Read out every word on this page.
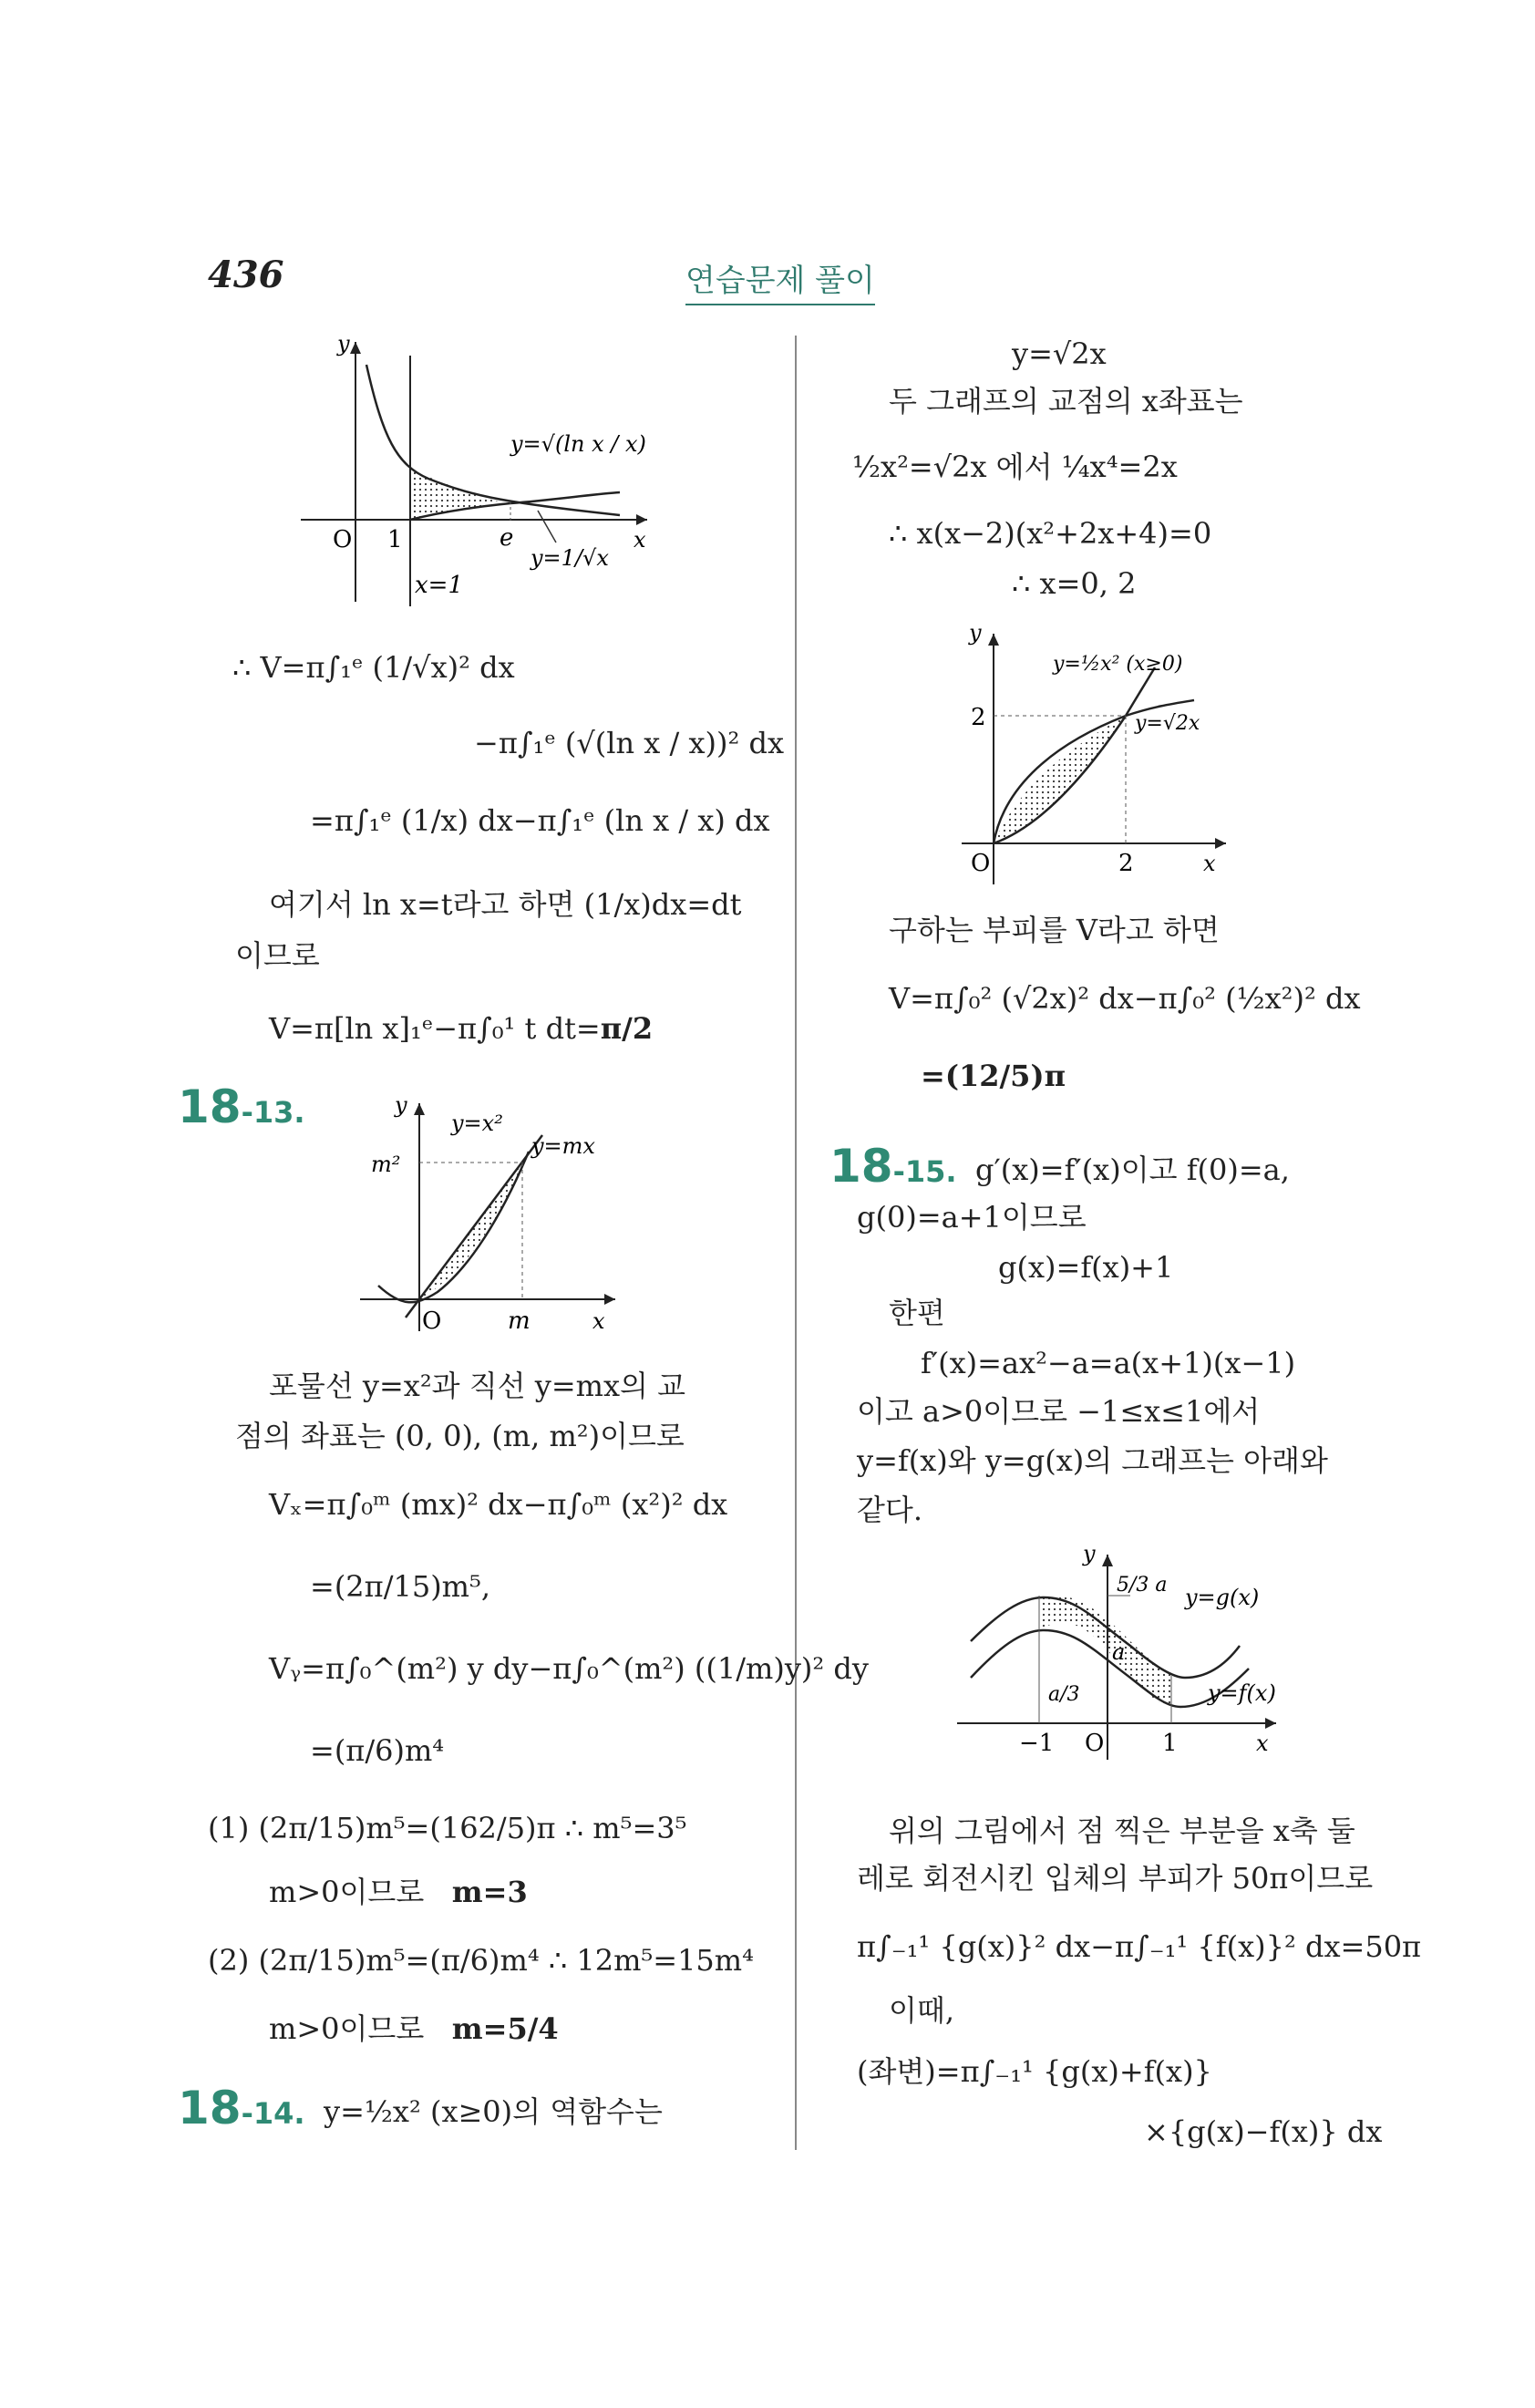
436	연습문제 풀이
y
x
O 1	e
y=√(ln x / x)
y=1/√x
x=1
∴ V=π∫₁ᵉ (1/√x)² dx
−π∫₁ᵉ (√(ln x / x))² dx
=π∫₁ᵉ (1/x) dx−π∫₁ᵉ (ln x / x) dx
여기서 ln x=t라고 하면 (1/x)dx=dt
이므로
V=π[ln x]₁ᵉ−π∫₀¹ t dt=π/2
18-13.	y
x
O	m
m²
y=x²
y=mx
포물선 y=x²과 직선 y=mx의 교
점의 좌표는 (0, 0), (m, m²)이므로
Vₓ=π∫₀ᵐ (mx)² dx−π∫₀ᵐ (x²)² dx
=(2π/15)m⁵,
Vᵧ=π∫₀^(m²) y dy−π∫₀^(m²) ((1/m)y)² dy
=(π/6)m⁴
(1) (2π/15)m⁵=(162/5)π ∴ m⁵=3⁵
m>0이므로 m=3
(2) (2π/15)m⁵=(π/6)m⁴ ∴ 12m⁵=15m⁴
m>0이므로 m=5/4
18-14. y=½x² (x≥0)의 역함수는
y=√2x
두 그래프의 교점의 x좌표는
½x²=√2x 에서 ¼x⁴=2x
∴ x(x−2)(x²+2x+4)=0
∴ x=0, 2
y
x
O	2
2
y=½x² (x≥0)
y=√2x
구하는 부피를 V라고 하면
V=π∫₀² (√2x)² dx−π∫₀² (½x²)² dx
=(12/5)π
18-15. g′(x)=f′(x)이고 f(0)=a,
g(0)=a+1이므로
g(x)=f(x)+1
한편
f′(x)=ax²−a=a(x+1)(x−1)
이고 a>0이므로 −1≤x≤1에서
y=f(x)와 y=g(x)의 그래프는 아래와
같다.
y
x
O
−1	1
y=g(x)
y=f(x)
5/3 a
a
a/3
위의 그림에서 점 찍은 부분을 x축 둘
레로 회전시킨 입체의 부피가 50π이므로
π∫₋₁¹ {g(x)}² dx−π∫₋₁¹ {f(x)}² dx=50π
이때,
(좌변)=π∫₋₁¹ {g(x)+f(x)}
×{g(x)−f(x)} dx
